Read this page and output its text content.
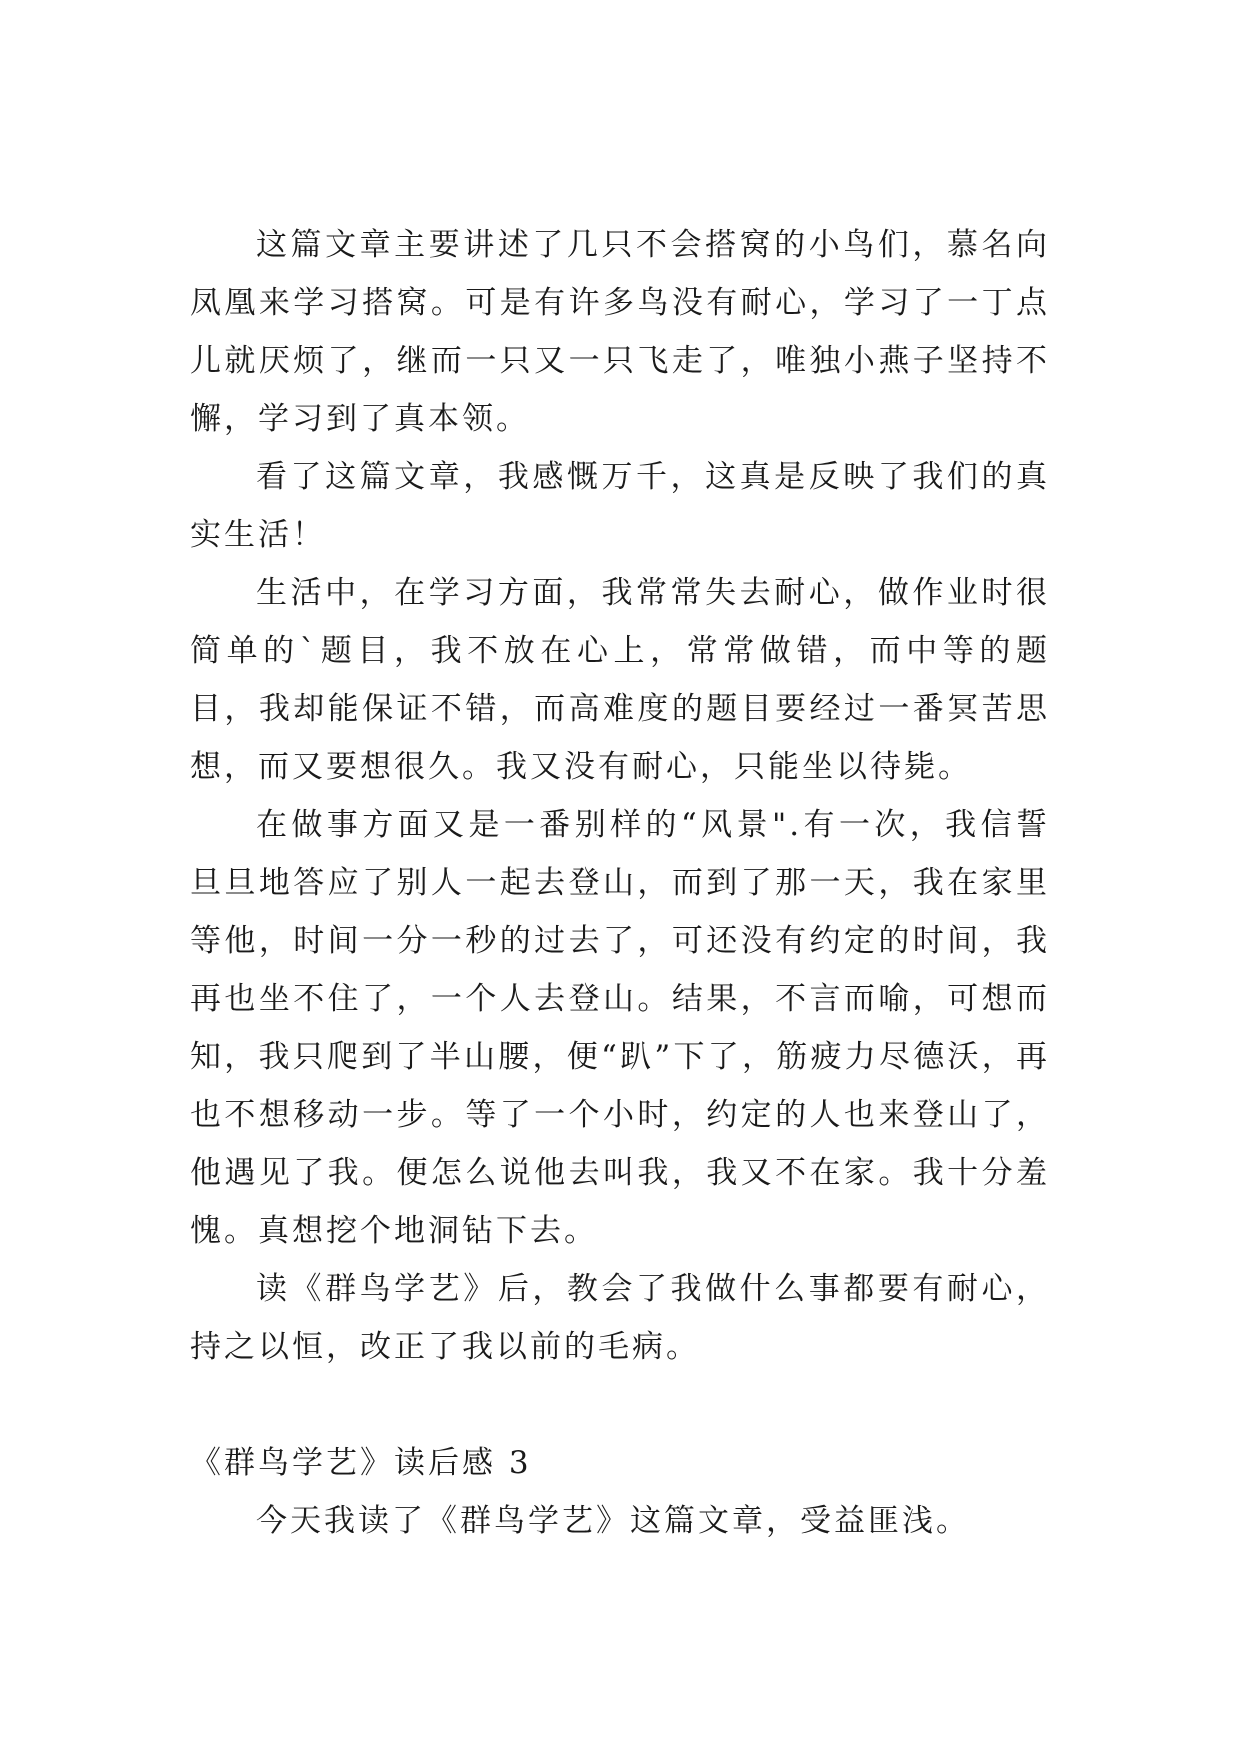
这篇文章主要讲述了几只不会搭窝的小鸟们，慕名向凤凰来学习搭窝。可是有许多鸟没有耐心，学习了一丁点儿就厌烦了，继而一只又一只飞走了，唯独小燕子坚持不懈，学习到了真本领。

看了这篇文章，我感慨万千，这真是反映了我们的真实生活！

生活中，在学习方面，我常常失去耐心，做作业时很简单的`题目，我不放在心上，常常做错，而中等的题目，我却能保证不错，而高难度的题目要经过一番冥苦思想，而又要想很久。我又没有耐心，只能坐以待毙。

在做事方面又是一番别样的“风景".有一次，我信誓旦旦地答应了别人一起去登山，而到了那一天，我在家里等他，时间一分一秒的过去了，可还没有约定的时间，我再也坐不住了，一个人去登山。结果，不言而喻，可想而知，我只爬到了半山腰，便“趴”下了，筋疲力尽德沃，再也不想移动一步。等了一个小时，约定的人也来登山了，他遇见了我。便怎么说他去叫我，我又不在家。我十分羞愧。真想挖个地洞钻下去。

读《群鸟学艺》后，教会了我做什么事都要有耐心，持之以恒，改正了我以前的毛病。

《群鸟学艺》读后感 3

今天我读了《群鸟学艺》这篇文章，受益匪浅。
